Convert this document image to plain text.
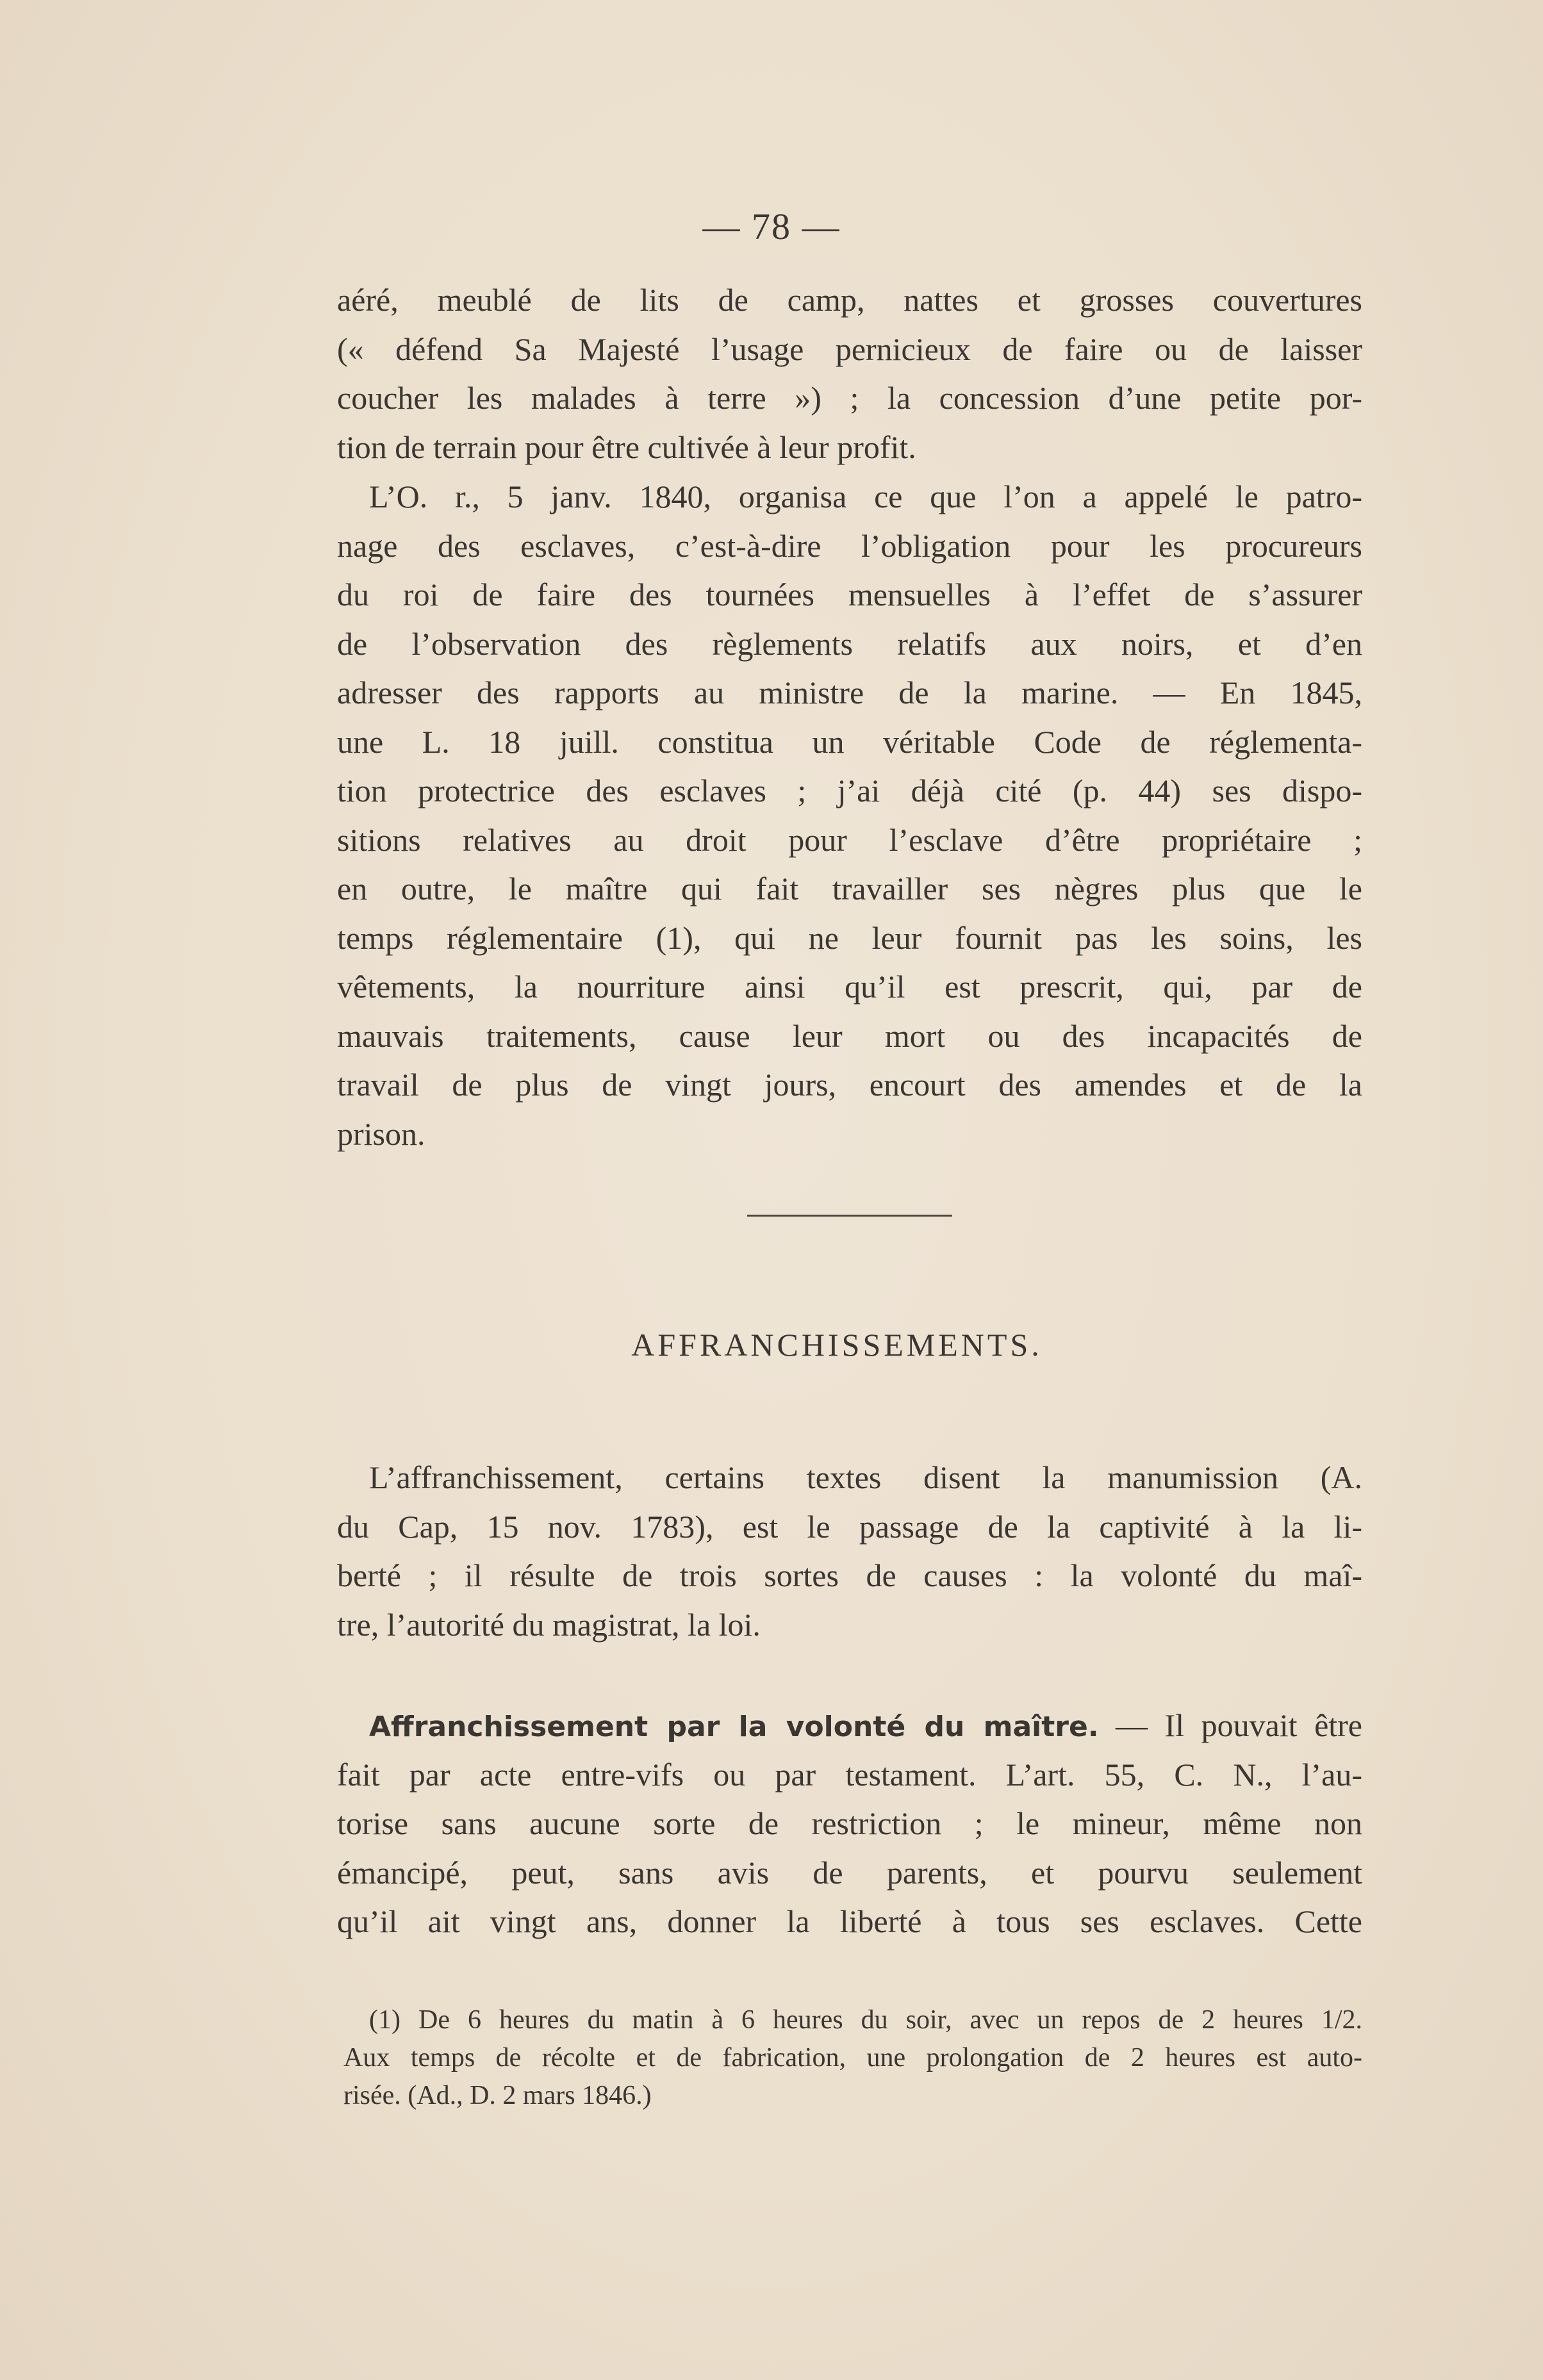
— 78 —
aéré, meublé de lits de camp, nattes et grosses couvertures
(« défend Sa Majesté l’usage pernicieux de faire ou de laisser
coucher les malades à terre ») ; la concession d’une petite por-
tion de terrain pour être cultivée à leur profit.
L’O. r., 5 janv. 1840, organisa ce que l’on a appelé le patro-
nage des esclaves, c’est-à-dire l’obligation pour les procureurs
du roi de faire des tournées mensuelles à l’effet de s’assurer
de l’observation des règlements relatifs aux noirs, et d’en
adresser des rapports au ministre de la marine. — En 1845,
une L. 18 juill. constitua un véritable Code de réglementa-
tion protectrice des esclaves ; j’ai déjà cité (p. 44) ses dispo-
sitions relatives au droit pour l’esclave d’être propriétaire ;
en outre, le maître qui fait travailler ses nègres plus que le
temps réglementaire (1), qui ne leur fournit pas les soins, les
vêtements, la nourriture ainsi qu’il est prescrit, qui, par de
mauvais traitements, cause leur mort ou des incapacités de
travail de plus de vingt jours, encourt des amendes et de la
prison.
AFFRANCHISSEMENTS.
L’affranchissement, certains textes disent la manumission (A.
du Cap, 15 nov. 1783), est le passage de la captivité à la li-
berté ; il résulte de trois sortes de causes : la volonté du maî-
tre, l’autorité du magistrat, la loi.
Affranchissement par la volonté du maître. — Il pouvait être
fait par acte entre-vifs ou par testament. L’art. 55, C. N., l’au-
torise sans aucune sorte de restriction ; le mineur, même non
émancipé, peut, sans avis de parents, et pourvu seulement
qu’il ait vingt ans, donner la liberté à tous ses esclaves. Cette
(1) De 6 heures du matin à 6 heures du soir, avec un repos de 2 heures 1/2.
Aux temps de récolte et de fabrication, une prolongation de 2 heures est auto-
risée. (Ad., D. 2 mars 1846.)
